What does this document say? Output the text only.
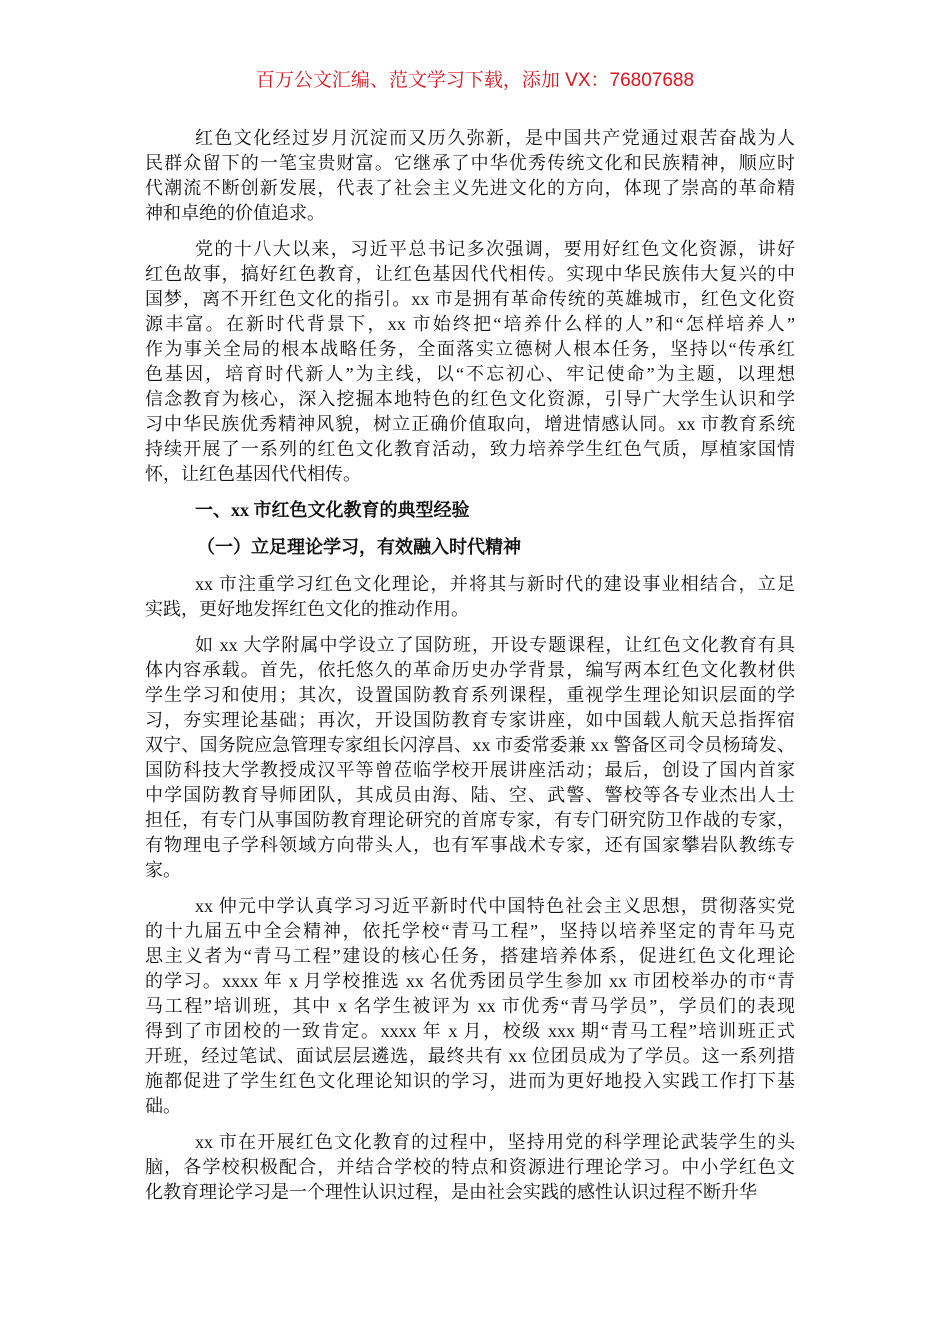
百万公文汇编、范文学习下载，添加 VX：76807688
红色文化经过岁月沉淀而又历久弥新，是中国共产党通过艰苦奋战为人
民群众留下的一笔宝贵财富。它继承了中华优秀传统文化和民族精神，顺应时
代潮流不断创新发展，代表了社会主义先进文化的方向，体现了崇高的革命精
神和卓绝的价值追求。
党的十八大以来，习近平总书记多次强调，要用好红色文化资源，讲好
红色故事，搞好红色教育，让红色基因代代相传。实现中华民族伟大复兴的中
国梦，离不开红色文化的指引。xx 市是拥有革命传统的英雄城市，红色文化资
源丰富。在新时代背景下，xx 市始终把“培养什么样的人”和“怎样培养人”
作为事关全局的根本战略任务，全面落实立德树人根本任务，坚持以“传承红
色基因，培育时代新人”为主线，以“不忘初心、牢记使命”为主题，以理想
信念教育为核心，深入挖掘本地特色的红色文化资源，引导广大学生认识和学
习中华民族优秀精神风貌，树立正确价值取向，增进情感认同。xx 市教育系统
持续开展了一系列的红色文化教育活动，致力培养学生红色气质，厚植家国情
怀，让红色基因代代相传。
一、xx 市红色文化教育的典型经验
（一）立足理论学习，有效融入时代精神
xx 市注重学习红色文化理论，并将其与新时代的建设事业相结合，立足
实践，更好地发挥红色文化的推动作用。
如 xx 大学附属中学设立了国防班，开设专题课程，让红色文化教育有具
体内容承载。首先，依托悠久的革命历史办学背景，编写两本红色文化教材供
学生学习和使用；其次，设置国防教育系列课程，重视学生理论知识层面的学
习，夯实理论基础；再次，开设国防教育专家讲座，如中国载人航天总指挥宿
双宁、国务院应急管理专家组长闪淳昌、xx 市委常委兼 xx 警备区司令员杨琦发、
国防科技大学教授成汉平等曾莅临学校开展讲座活动；最后，创设了国内首家
中学国防教育导师团队，其成员由海、陆、空、武警、警校等各专业杰出人士
担任，有专门从事国防教育理论研究的首席专家，有专门研究防卫作战的专家，
有物理电子学科领域方向带头人，也有军事战术专家，还有国家攀岩队教练专
家。
xx 仲元中学认真学习习近平新时代中国特色社会主义思想，贯彻落实党
的十九届五中全会精神，依托学校“青马工程”，坚持以培养坚定的青年马克
思主义者为“青马工程”建设的核心任务，搭建培养体系，促进红色文化理论
的学习。xxxx 年 x 月学校推选 xx 名优秀团员学生参加 xx 市团校举办的市“青
马工程”培训班，其中 x 名学生被评为 xx 市优秀“青马学员”，学员们的表现
得到了市团校的一致肯定。xxxx 年 x 月，校级 xxx 期“青马工程”培训班正式
开班，经过笔试、面试层层遴选，最终共有 xx 位团员成为了学员。这一系列措
施都促进了学生红色文化理论知识的学习，进而为更好地投入实践工作打下基
础。
xx 市在开展红色文化教育的过程中，坚持用党的科学理论武装学生的头
脑，各学校积极配合，并结合学校的特点和资源进行理论学习。中小学红色文
化教育理论学习是一个理性认识过程，是由社会实践的感性认识过程不断升华
